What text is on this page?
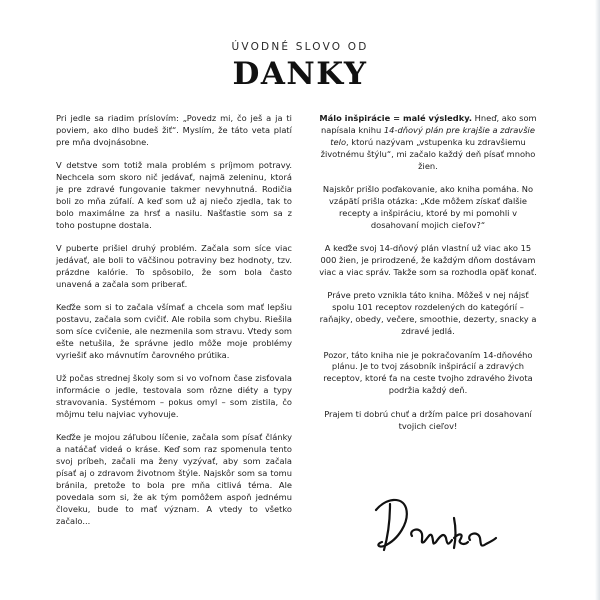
ÚVODNÉ SLOVO OD
DANKY

Pri jedle sa riadim príslovím: „Povedz mi, čo ješ a ja ti poviem, ako dlho budeš žiť“. Myslím, že táto veta platí pre mňa dvojnásobne.

V detstve som totiž mala problém s príjmom potravy. Nechcela som skoro nič jedávať, najmä zeleninu, ktorá je pre zdravé fungovanie takmer nevyhnutná. Rodičia boli zo mňa zúfalí. A keď som už aj niečo zjedla, tak to bolo maximálne za hrsť a nasilu. Našťastie som sa z toho postupne dostala.

V puberte prišiel druhý problém. Začala som síce viac jedávať, ale boli to väčšinou potraviny bez hodnoty, tzv. prázdne kalórie. To spôsobilo, že som bola často unavená a začala som priberať.

Keďže som si to začala všímať a chcela som mať lepšiu postavu, začala som cvičiť. Ale robila som chybu. Riešila som síce cvičenie, ale nezmenila som stravu. Vtedy som ešte netušila, že správne jedlo môže moje problémy vyriešiť ako mávnutím čarovného prútika.

Už počas strednej školy som si vo voľnom čase zisťovala informácie o jedle, testovala som rôzne diéty a typy stravovania. Systémom – pokus omyl – som zistila, čo môjmu telu najviac vyhovuje.

Keďže je mojou záľubou líčenie, začala som písať články a natáčať videá o kráse. Keď som raz spomenula tento svoj príbeh, začali ma ženy vyzývať, aby som začala písať aj o zdravom životnom štýle. Najskôr som sa tomu bránila, pretože to bola pre mňa citlivá téma. Ale povedala som si, že ak tým pomôžem aspoň jednému človeku, bude to mať význam. A vtedy to všetko začalo...

Málo inšpirácie = malé výsledky. Hneď, ako som napísala knihu 14-dňový plán pre krajšie a zdravšie telo, ktorú nazývam „vstupenka ku zdravšiemu životnému štýlu“, mi začalo každý deň písať mnoho žien.

Najskôr prišlo poďakovanie, ako kniha pomáha. No vzápätí prišla otázka: „Kde môžem získať ďalšie recepty a inšpiráciu, ktoré by mi pomohli v dosahovaní mojich cieľov?“

A keďže svoj 14-dňový plán vlastní už viac ako 15 000 žien, je prirodzené, že každým dňom dostávam viac a viac správ. Takže som sa rozhodla opäť konať.

Práve preto vznikla táto kniha. Môžeš v nej nájsť spolu 101 receptov rozdelených do kategórií – raňajky, obedy, večere, smoothie, dezerty, snacky a zdravé jedlá.

Pozor, táto kniha nie je pokračovaním 14-dňového plánu. Je to tvoj zásobník inšpirácií a zdravých receptov, ktoré ťa na ceste tvojho zdravého života podržia každý deň.

Prajem ti dobrú chuť a držím palce pri dosahovaní tvojich cieľov!
